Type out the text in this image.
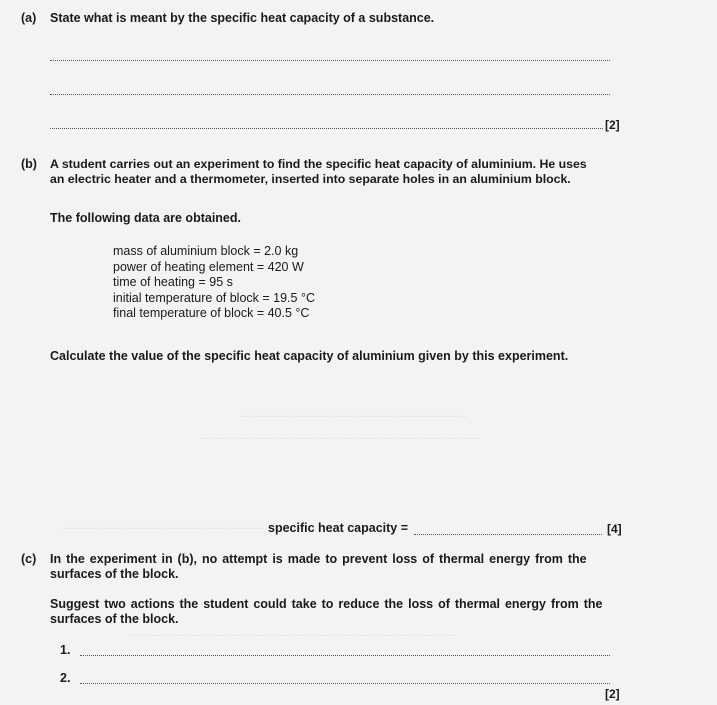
..........................................................................
............................................................................................
..................................................................................
...........................................................................................................
(a) State what is meant by the specific heat capacity of a substance.
[2]
(b) A student carries out an experiment to find the specific heat capacity of aluminium. He uses
an electric heater and a thermometer, inserted into separate holes in an aluminium block.
The following data are obtained.
mass of aluminium block = 2.0 kg
power of heating element = 420 W
time of heating = 95 s
initial temperature of block = 19.5 °C
final temperature of block = 40.5 °C
Calculate the value of the specific heat capacity of aluminium given by this experiment.
specific heat capacity =	[4]
(c) In the experiment in (b), no attempt is made to prevent loss of thermal energy from the
surfaces of the block.
Suggest two actions the student could take to reduce the loss of thermal energy from the
surfaces of the block.
1.
2.
[2]
